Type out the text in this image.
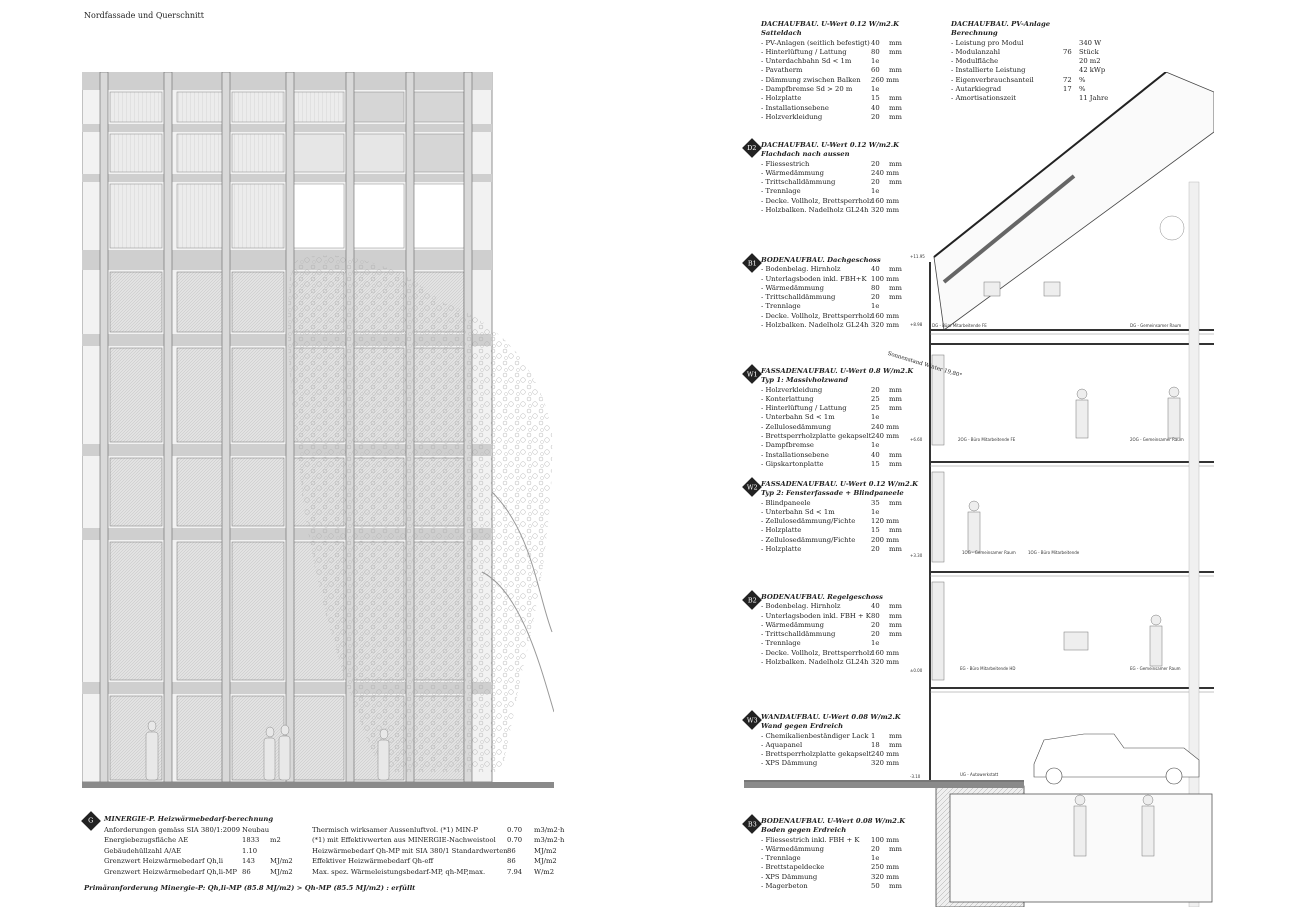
Nordfassade und Querschnitt
Sonnenstand Winter 19,80°
DG - Büro Mitarbeitende FE	DG - Gemeinsamer Raum
2OG - Büro Mitarbeitende FE	2OG - Gemeinsamer Raum
1OG - Gemeinsamer Raum	1OG - Büro Mitarbeitende
EG - Büro Mitarbeitende HD	EG - Gemeinsamer Raum
UG - Autowerkstatt
+11.95
+8.98
+6.60
+3.30
±0.00
-3.10
DACHAUFBAU. U-Wert 0.12 W/m2.K
Satteldach
- PV-Anlagen (seitlich befestigt) 40 mm
- Hinterlüftung / Lattung	80 mm
- Unterdachbahn Sd < 1m	1e
- Pavatherm	60 mm
- Dämmung zwischen Balken 260 mm
- Dampfbremse Sd > 20 m	1e
- Holzplatte	15 mm
- Installationsebene	40 mm
- Holzverkleidung	20 mm
D2 DACHAUFBAU. U-Wert 0.12 W/m2.K
Flachdach nach aussen
- Fliessestrich	20 mm
- Wärmedämmung	240 mm
- Trittschalldämmung	20 mm
- Trennlage	1e
- Decke. Vollholz, Brettsperrholz
160 mm
- Holzbalken. Nadelholz GL24h 320 mm
B1 BODENAUFBAU. Dachgeschoss
- Bodenbelag. Hirnholz	40 mm
- Unterlagsboden inkl. FBH+K 100 mm
- Wärmedämmung	80 mm
- Trittschalldämmung	20 mm
- Trennlage	1e
- Decke. Vollholz, Brettsperrholz
160 mm
- Holzbalken. Nadelholz GL24h 320 mm
W1 FASSADENAUFBAU. U-Wert 0.8 W/m2.K
Typ 1: Massivholzwand
- Holzverkleidung	20 mm
- Konterlattung	25 mm
- Hinterlüftung / Lattung	25 mm
- Unterbahn Sd < 1m	1e
- Zellulosedämmung	240 mm
- Brettsperrholzplatte gekapselt 240 mm
- Dampfbremse	1e
- Installationsebene	40 mm
- Gipskartonplatte	15 mm
W2 FASSADENAUFBAU. U-Wert 0.12 W/m2.K
Typ 2: Fensterfassade + Blindpaneele
- Blindpaneele	35 mm
- Unterbahn Sd < 1m	1e
- Zellulosedämmung/Fichte 120 mm
- Holzplatte	15 mm
- Zellulosedämmung/Fichte 200 mm
- Holzplatte	20 mm
B2 BODENAUFBAU. Regelgeschoss
- Bodenbelag. Hirnholz	40 mm
- Unterlagsboden inkl. FBH + K 80 mm
- Wärmedämmung	20 mm
- Trittschalldämmung	20 mm
- Trennlage	1e
- Decke. Vollholz, Brettsperrholz
160 mm
- Holzbalken. Nadelholz GL24h 320 mm
W3 WANDAUFBAU. U-Wert 0.08 W/m2.K
Wand gegen Erdreich
- Chemikalienbeständiger Lack 1 mm
- Aquapanel	18 mm
- Brettsperrholzplatte gekapselt 240 mm
- XPS Dämmung	320 mm
B3 BODENAUFBAU. U-Wert 0.08 W/m2.K
Boden gegen Erdreich
- Fliessestrich inkl. FBH + K 100 mm
- Wärmedämmung	20 mm
- Trennlage	1e
- Brettstapeldecke	250 mm
- XPS Dämmung	320 mm
- Magerbeton	50 mm
DACHAUFBAU. PV-Anlage
Berechnung
- Leistung pro Modul	340 W
- Modulanzahl	76 Stück
- Modulfläche	20 m2
- Installierte Leistung	42 kWp
- Eigenverbrauchsanteil	72 %
- Autarkiegrad	17 %
- Amortisationszeit	11 Jahre
G	MINERGIE-P. Heizwärmebedarf-berechnung
Anforderungen gemäss SIA 380/1:2009 Neubau
Energiebezugsfläche AE	1833 m2
Gebäudehüllzahl A/AE	1.10
Grenzwert Heizwärmebedarf Qh,li	143 MJ/m2
Grenzwert Heizwärmebedarf Qh,li-MP 86	MJ/m2
Thermisch wirksamer Aussenluftvol. (*1) MIN-P	0.70 m3/m2·h
(*1) mit Effektivwerten aus MINERGIE-Nachweistool 0.70 m3/m2·h
Heizwärmebedarf Qh-MP mit SIA 380/1 Standardwerten 86	MJ/m2
Effektiver Heizwärmebedarf Qh-eff	86	MJ/m2
Max. spez. Wärmeleistungsbedarf-MP, qh-MP,max.	7.94 W/m2
Primäranforderung Minergie-P: Qh,li-MP (85.8 MJ/m2) > Qh-MP (85.5 MJ/m2) : erfüllt
